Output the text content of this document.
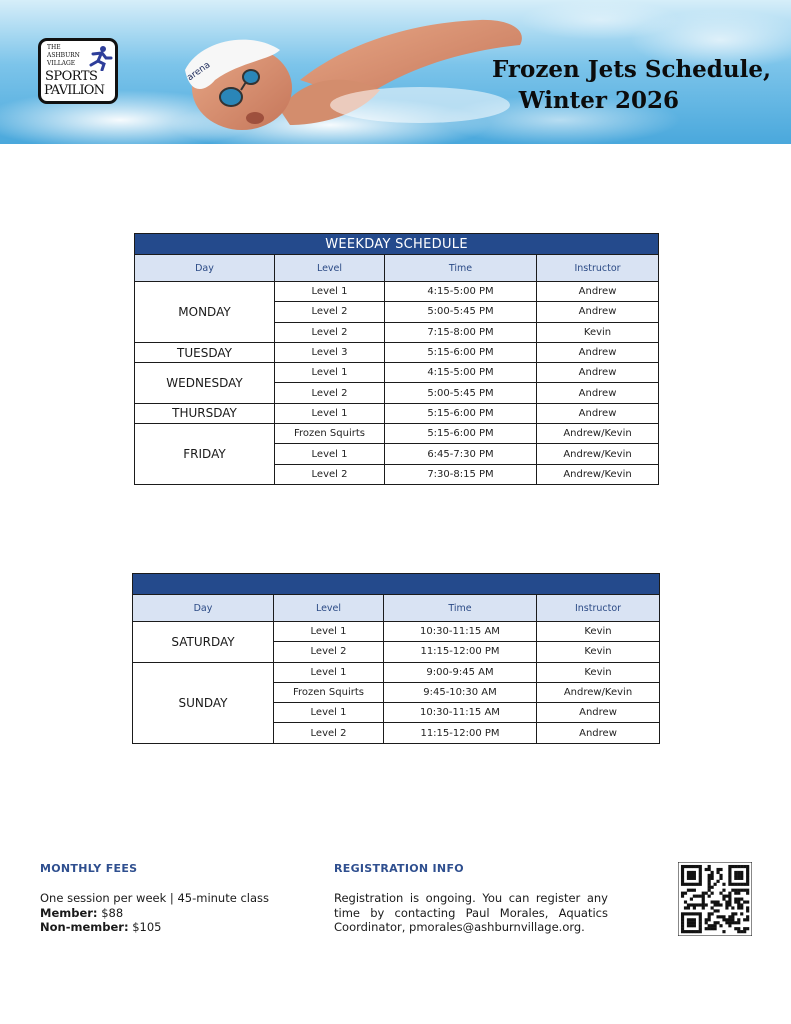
arena
THE
ASHBURN
VILLAGE
SPORTS
PAVILION
Frozen Jets Schedule,

Winter 2026
WEEKDAY SCHEDULE			
Day	Level	Time	Instructor
MONDAY	Level 1	4:15-5:00 PM	Andrew
	Level 2	5:00-5:45 PM	Andrew
	Level 2	7:15-8:00 PM	Kevin
TUESDAY	Level 3	5:15-6:00 PM	Andrew
WEDNESDAY	Level 1	4:15-5:00 PM	Andrew
	Level 2	5:00-5:45 PM	Andrew
THURSDAY	Level 1	5:15-6:00 PM	Andrew
FRIDAY	Frozen Squirts	5:15-6:00 PM	Andrew/Kevin
	Level 1	6:45-7:30 PM	Andrew/Kevin
	Level 2	7:30-8:15 PM	Andrew/Kevin

Day	Level	Time	Instructor
SATURDAY	Level 1	10:30-11:15 AM	Kevin
	Level 2	11:15-12:00 PM	Kevin
SUNDAY	Level 1	9:00-9:45 AM	Kevin
	Frozen Squirts	9:45-10:30 AM	Andrew/Kevin
	Level 1	10:30-11:15 AM	Andrew
	Level 2	11:15-12:00 PM	Andrew
MONTHLY FEES
One session per week | 45-minute class
Member: $88
Non-member: $105
REGISTRATION INFO
Registration is ongoing. You can register any time by contacting Paul Morales, Aquatics Coordinator, pmorales@ashburnvillage.org.
